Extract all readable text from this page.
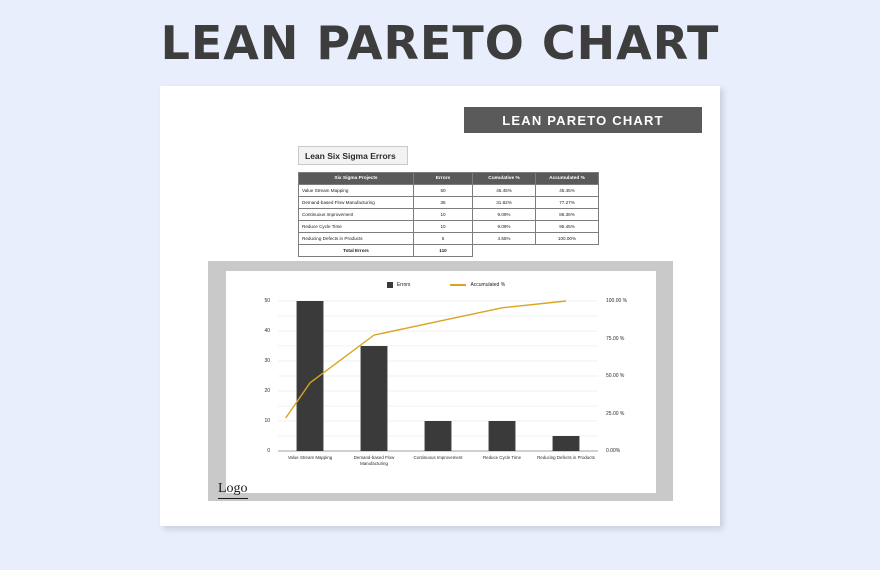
LEAN PARETO CHART
LEAN PARETO CHART
Lean Six Sigma Errors
Six Sigma Projects	Errors	Cumulative %	Accumulated %
Value Stream Mapping	50	45.45%	45.45%
Demand-based Flow Manufacturing	35	31.82%	77.27%
Continuous Improvement	10	9.09%	86.36%
Reduce Cycle Time	10	9.09%	95.45%
Reducing Defects in Products	5	4.55%	100.00%
Total Errors	110		
Errors	Accumulated %
0
10
20
30
40
50
0.00%
25.00 %
50.00 %
75.00 %
100.00 %
Value Stream Mapping	Demand-based Flow Manufacturing
Continuous Improvement	Reduce Cycle Time	Reducing Defects in Products
Logo
